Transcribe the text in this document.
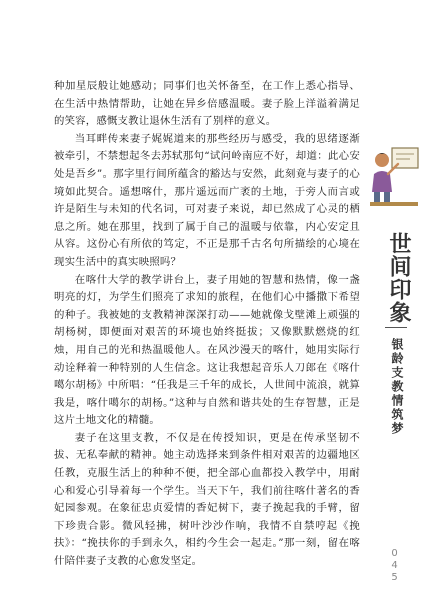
种加星辰般让她感动；同事们也关怀备至，在工作上悉心指导、在生活中热情帮助，让她在异乡倍感温暖。妻子脸上洋溢着满足的笑容，感慨支教让退休生活有了别样的意义。

当耳畔传来妻子娓娓道来的那些经历与感受，我的思绪逐渐被牵引，不禁想起冬去苏轼那句“试问岭南应不好，却道：此心安处是吾乡”。那字里行间所蕴含的豁达与安然，此刻竟与妻子的心境如此契合。遥想喀什，那片遥远而广袤的土地，于旁人而言或许是陌生与未知的代名词，可对妻子来说，却已然成了心灵的栖息之所。她在那里，找到了属于自己的温暖与依靠，内心安定且从容。这份心有所依的笃定，不正是那千古名句所描绘的心境在现实生活中的真实映照吗？

在喀什大学的教学讲台上，妻子用她的智慧和热情，像一盏明亮的灯，为学生们照亮了求知的旅程，在他们心中播撒下希望的种子。我被她的支教精神深深打动——她就像戈壁滩上顽强的胡杨树，即便面对艰苦的环境也始终挺拔；又像默默燃烧的红烛，用自己的光和热温暖他人。在风沙漫天的喀什，她用实际行动诠释着一种特别的人生信念。这让我想起音乐人刀郎在《喀什噶尔胡杨》中所唱：“任我是三千年的成长，人世间中流浪，就算我是，喀什噶尔的胡杨。”这种与自然和谐共处的生存智慧，正是这片土地文化的精髓。

妻子在这里支教，不仅是在传授知识，更是在传承坚韧不拔、无私奉献的精神。她主动选择来到条件相对艰苦的边疆地区任教，克服生活上的种种不便，把全部心血都投入教学中，用耐心和爱心引导着每一个学生。当天下午，我们前往喀什著名的香妃园参观。在象征忠贞爱情的香妃树下，妻子挽起我的手臂，留下珍贵合影。微风轻拂，树叶沙沙作响，我情不自禁哼起《挽扶》：“挽扶你的手到永久，相约今生会一起走。”那一刻，留在喀什陪伴妻子支教的心愈发坚定。

世间印象
银龄支教情筑梦
045
